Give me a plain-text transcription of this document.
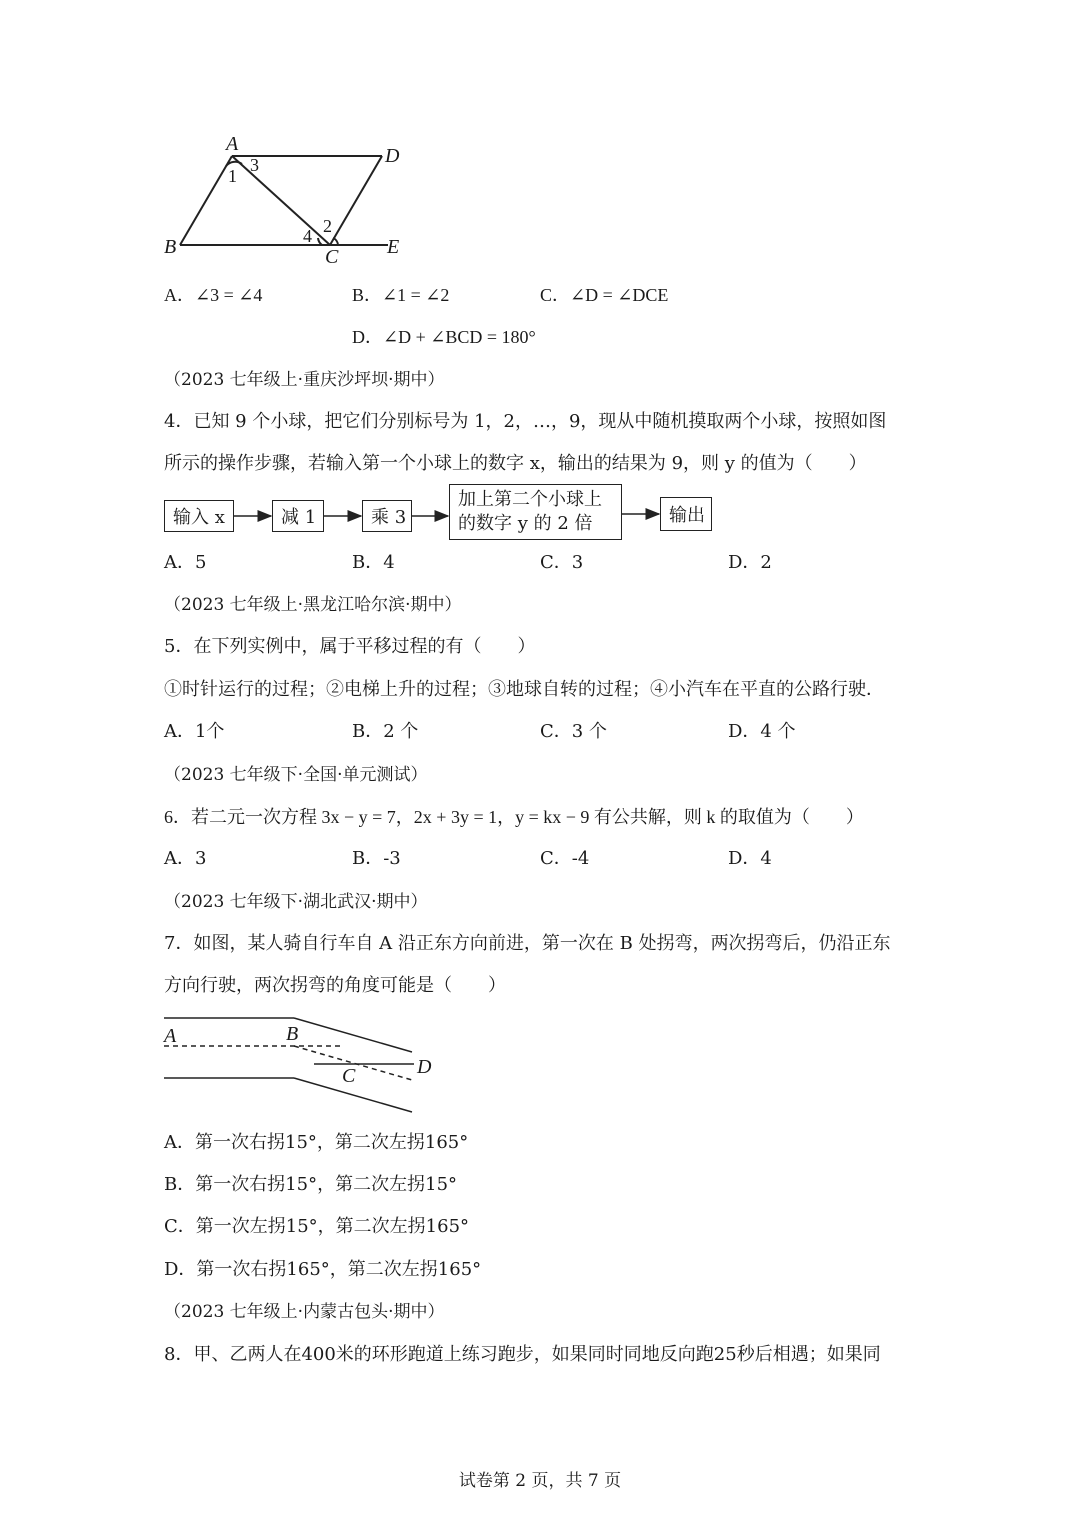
A
D
B	C E
1
3
2
4
A．∠3 = ∠4	B．∠1 = ∠2	C．∠D = ∠DCE
D．∠D + ∠BCD = 180°
（2023 七年级上·重庆沙坪坝·期中）
4．已知 9 个小球，把它们分别标号为 1，2，…，9，现从中随机摸取两个小球，按照如图
所示的操作步骤，若输入第一个小球上的数字 x，输出的结果为 9，则 y 的值为（　　）
输入 x	减 1	乘 3
加上第二个小球上
的数字 y 的 2 倍	输出
A．5	B．4	C．3	D．2
（2023 七年级上·黑龙江哈尔滨·期中）
5．在下列实例中，属于平移过程的有（　　）
①时针运行的过程；②电梯上升的过程；③地球自转的过程；④小汽车在平直的公路行驶．
A．1个	B．2 个	C．3 个	D．4 个
（2023 七年级下·全国·单元测试）
6．若二元一次方程 3x − y = 7，2x + 3y = 1，y = kx − 9 有公共解，则 k 的取值为（　　）
A．3	B．-3	C．-4	D．4
（2023 七年级下·湖北武汉·期中）
7．如图，某人骑自行车自 A 沿正东方向前进，第一次在 B 处拐弯，两次拐弯后，仍沿正东
方向行驶，两次拐弯的角度可能是（　　）
A	B
C	D
A．第一次右拐15°，第二次左拐165°
B．第一次右拐15°，第二次左拐15°
C．第一次左拐15°，第二次左拐165°
D．第一次右拐165°，第二次左拐165°
（2023 七年级上·内蒙古包头·期中）
8．甲、乙两人在400米的环形跑道上练习跑步，如果同时同地反向跑25秒后相遇；如果同
试卷第 2 页，共 7 页
